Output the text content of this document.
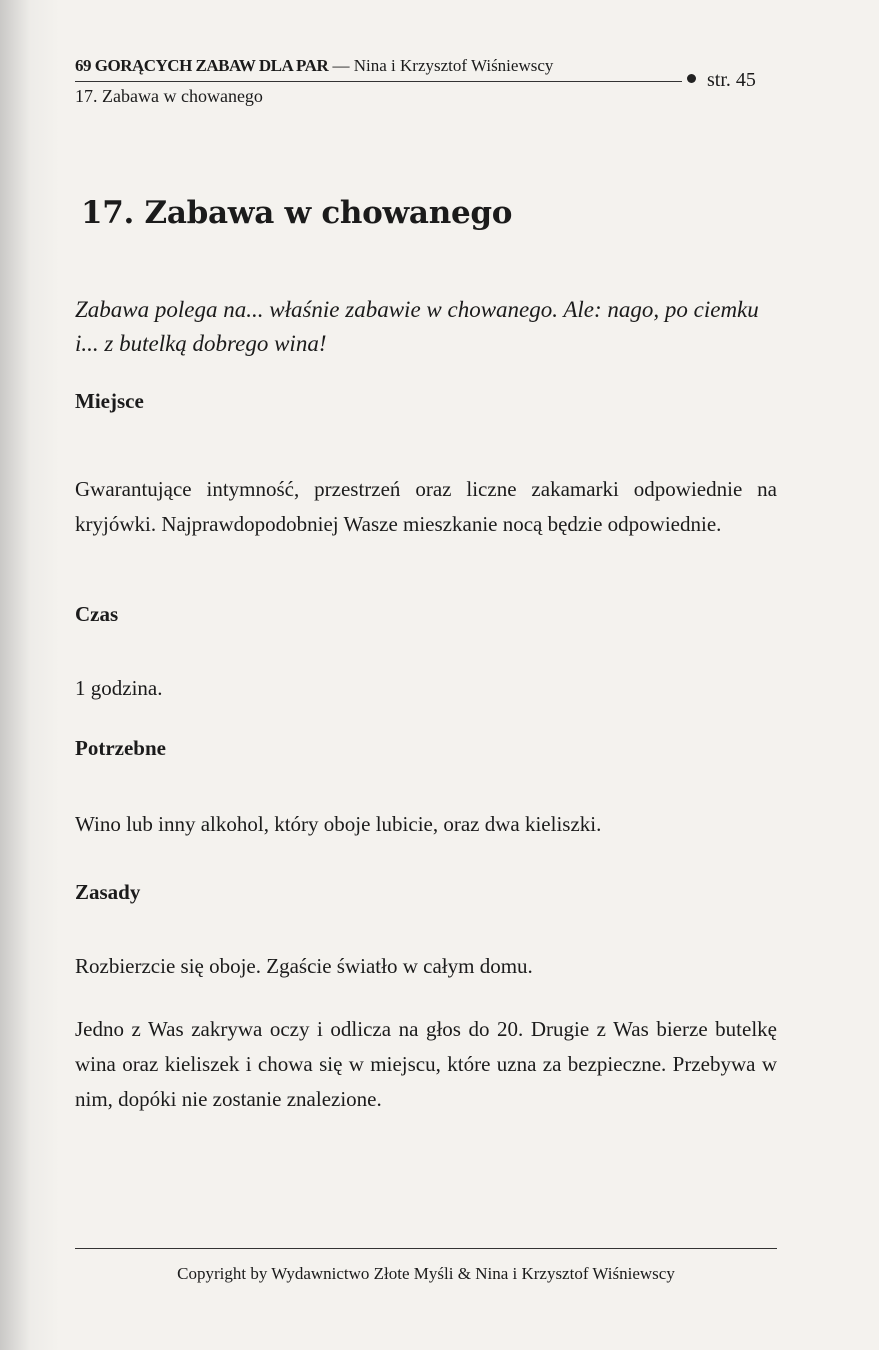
69 GORĄCYCH ZABAW DLA PAR — Nina i Krzysztof Wiśniewscy
str. 45
17. Zabawa w chowanego
17. Zabawa w chowanego

Zabawa polega na... właśnie zabawie w chowanego. Ale: nago, po ciemku i... z butelką dobrego wina!

Miejsce

Gwarantujące intymność, przestrzeń oraz liczne zakamarki odpowiednie na kryjówki. Najprawdopodobniej Wasze mieszkanie nocą będzie odpowiednie.

Czas

1 godzina.

Potrzebne

Wino lub inny alkohol, który oboje lubicie, oraz dwa kieliszki.

Zasady

Rozbierzcie się oboje. Zgaście światło w całym domu.

Jedno z Was zakrywa oczy i odlicza na głos do 20. Drugie z Was bierze butelkę wina oraz kieliszek i chowa się w miejscu, które uzna za bezpieczne. Przebywa w nim, dopóki nie zostanie znalezione.

Copyright by Wydawnictwo Złote Myśli & Nina i Krzysztof Wiśniewscy
